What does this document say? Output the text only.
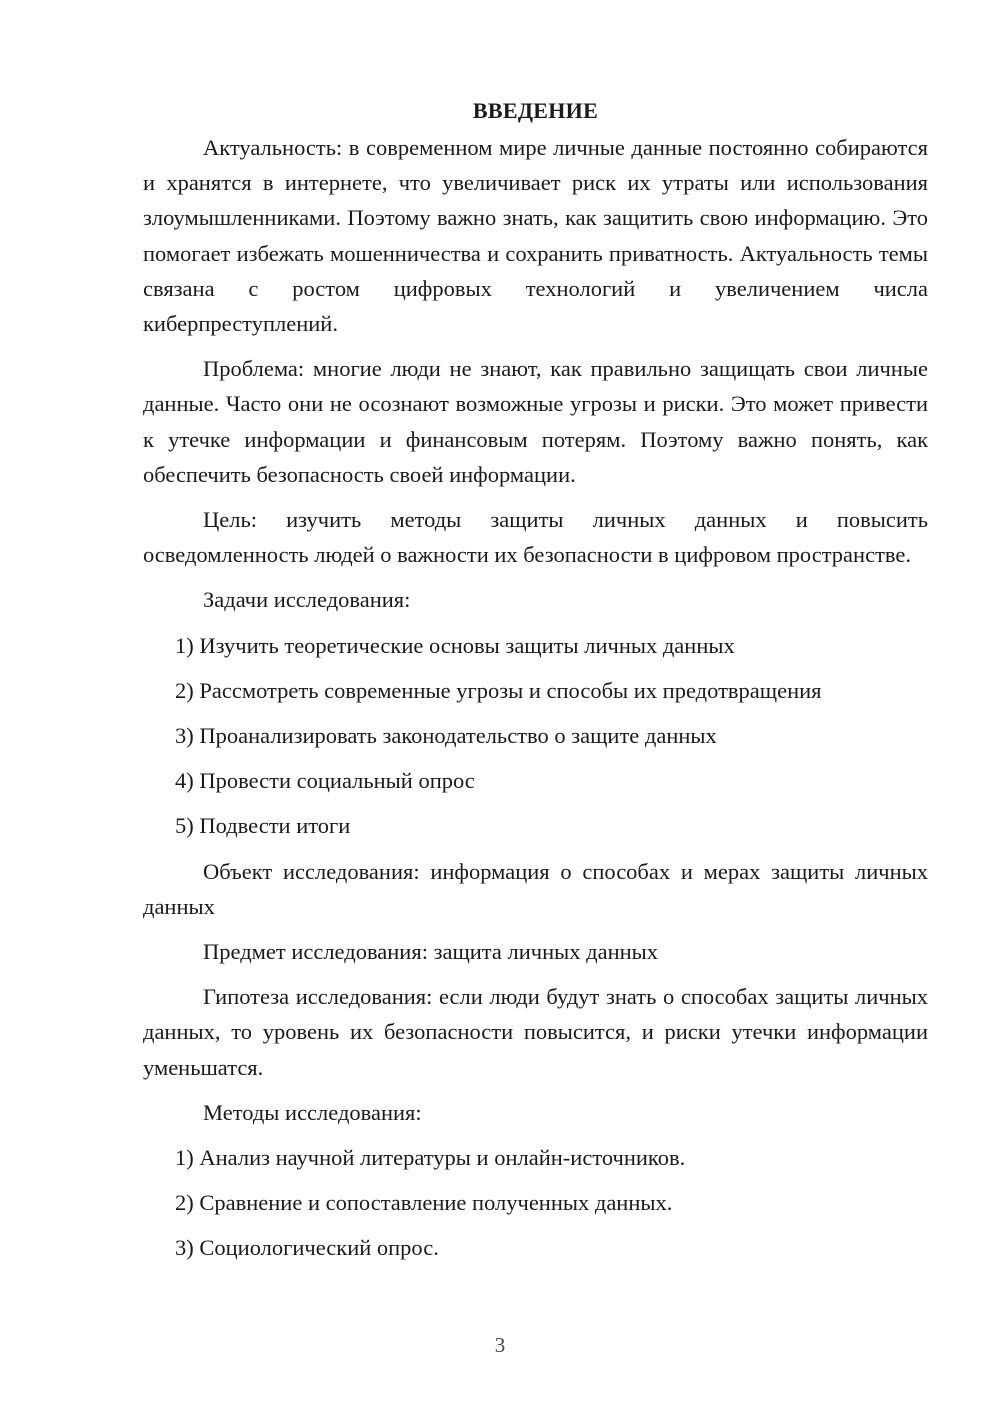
ВВЕДЕНИЕ

Актуальность: в современном мире личные данные постоянно собираются и хранятся в интернете, что увеличивает риск их утраты или использования злоумышленниками. Поэтому важно знать, как защитить свою информацию. Это помогает избежать мошенничества и сохранить приватность. Актуальность темы связана с ростом цифровых технологий и увеличением числа киберпреступлений.

Проблема: многие люди не знают, как правильно защищать свои личные данные. Часто они не осознают возможные угрозы и риски. Это может привести к утечке информации и финансовым потерям. Поэтому важно понять, как обеспечить безопасность своей информации.

Цель: изучить методы защиты личных данных и повысить осведомленность людей о важности их безопасности в цифровом пространстве.

Задачи исследования:

1) Изучить теоретические основы защиты личных данных

2) Рассмотреть современные угрозы и способы их предотвращения

3) Проанализировать законодательство о защите данных

4) Провести социальный опрос

5) Подвести итоги

Объект исследования: информация о способах и мерах защиты личных данных

Предмет исследования: защита личных данных

Гипотеза исследования: если люди будут знать о способах защиты личных данных, то уровень их безопасности повысится, и риски утечки информации уменьшатся.

Методы исследования:

1) Анализ научной литературы и онлайн-источников.

2) Сравнение и сопоставление полученных данных.

3) Социологический опрос.

3
